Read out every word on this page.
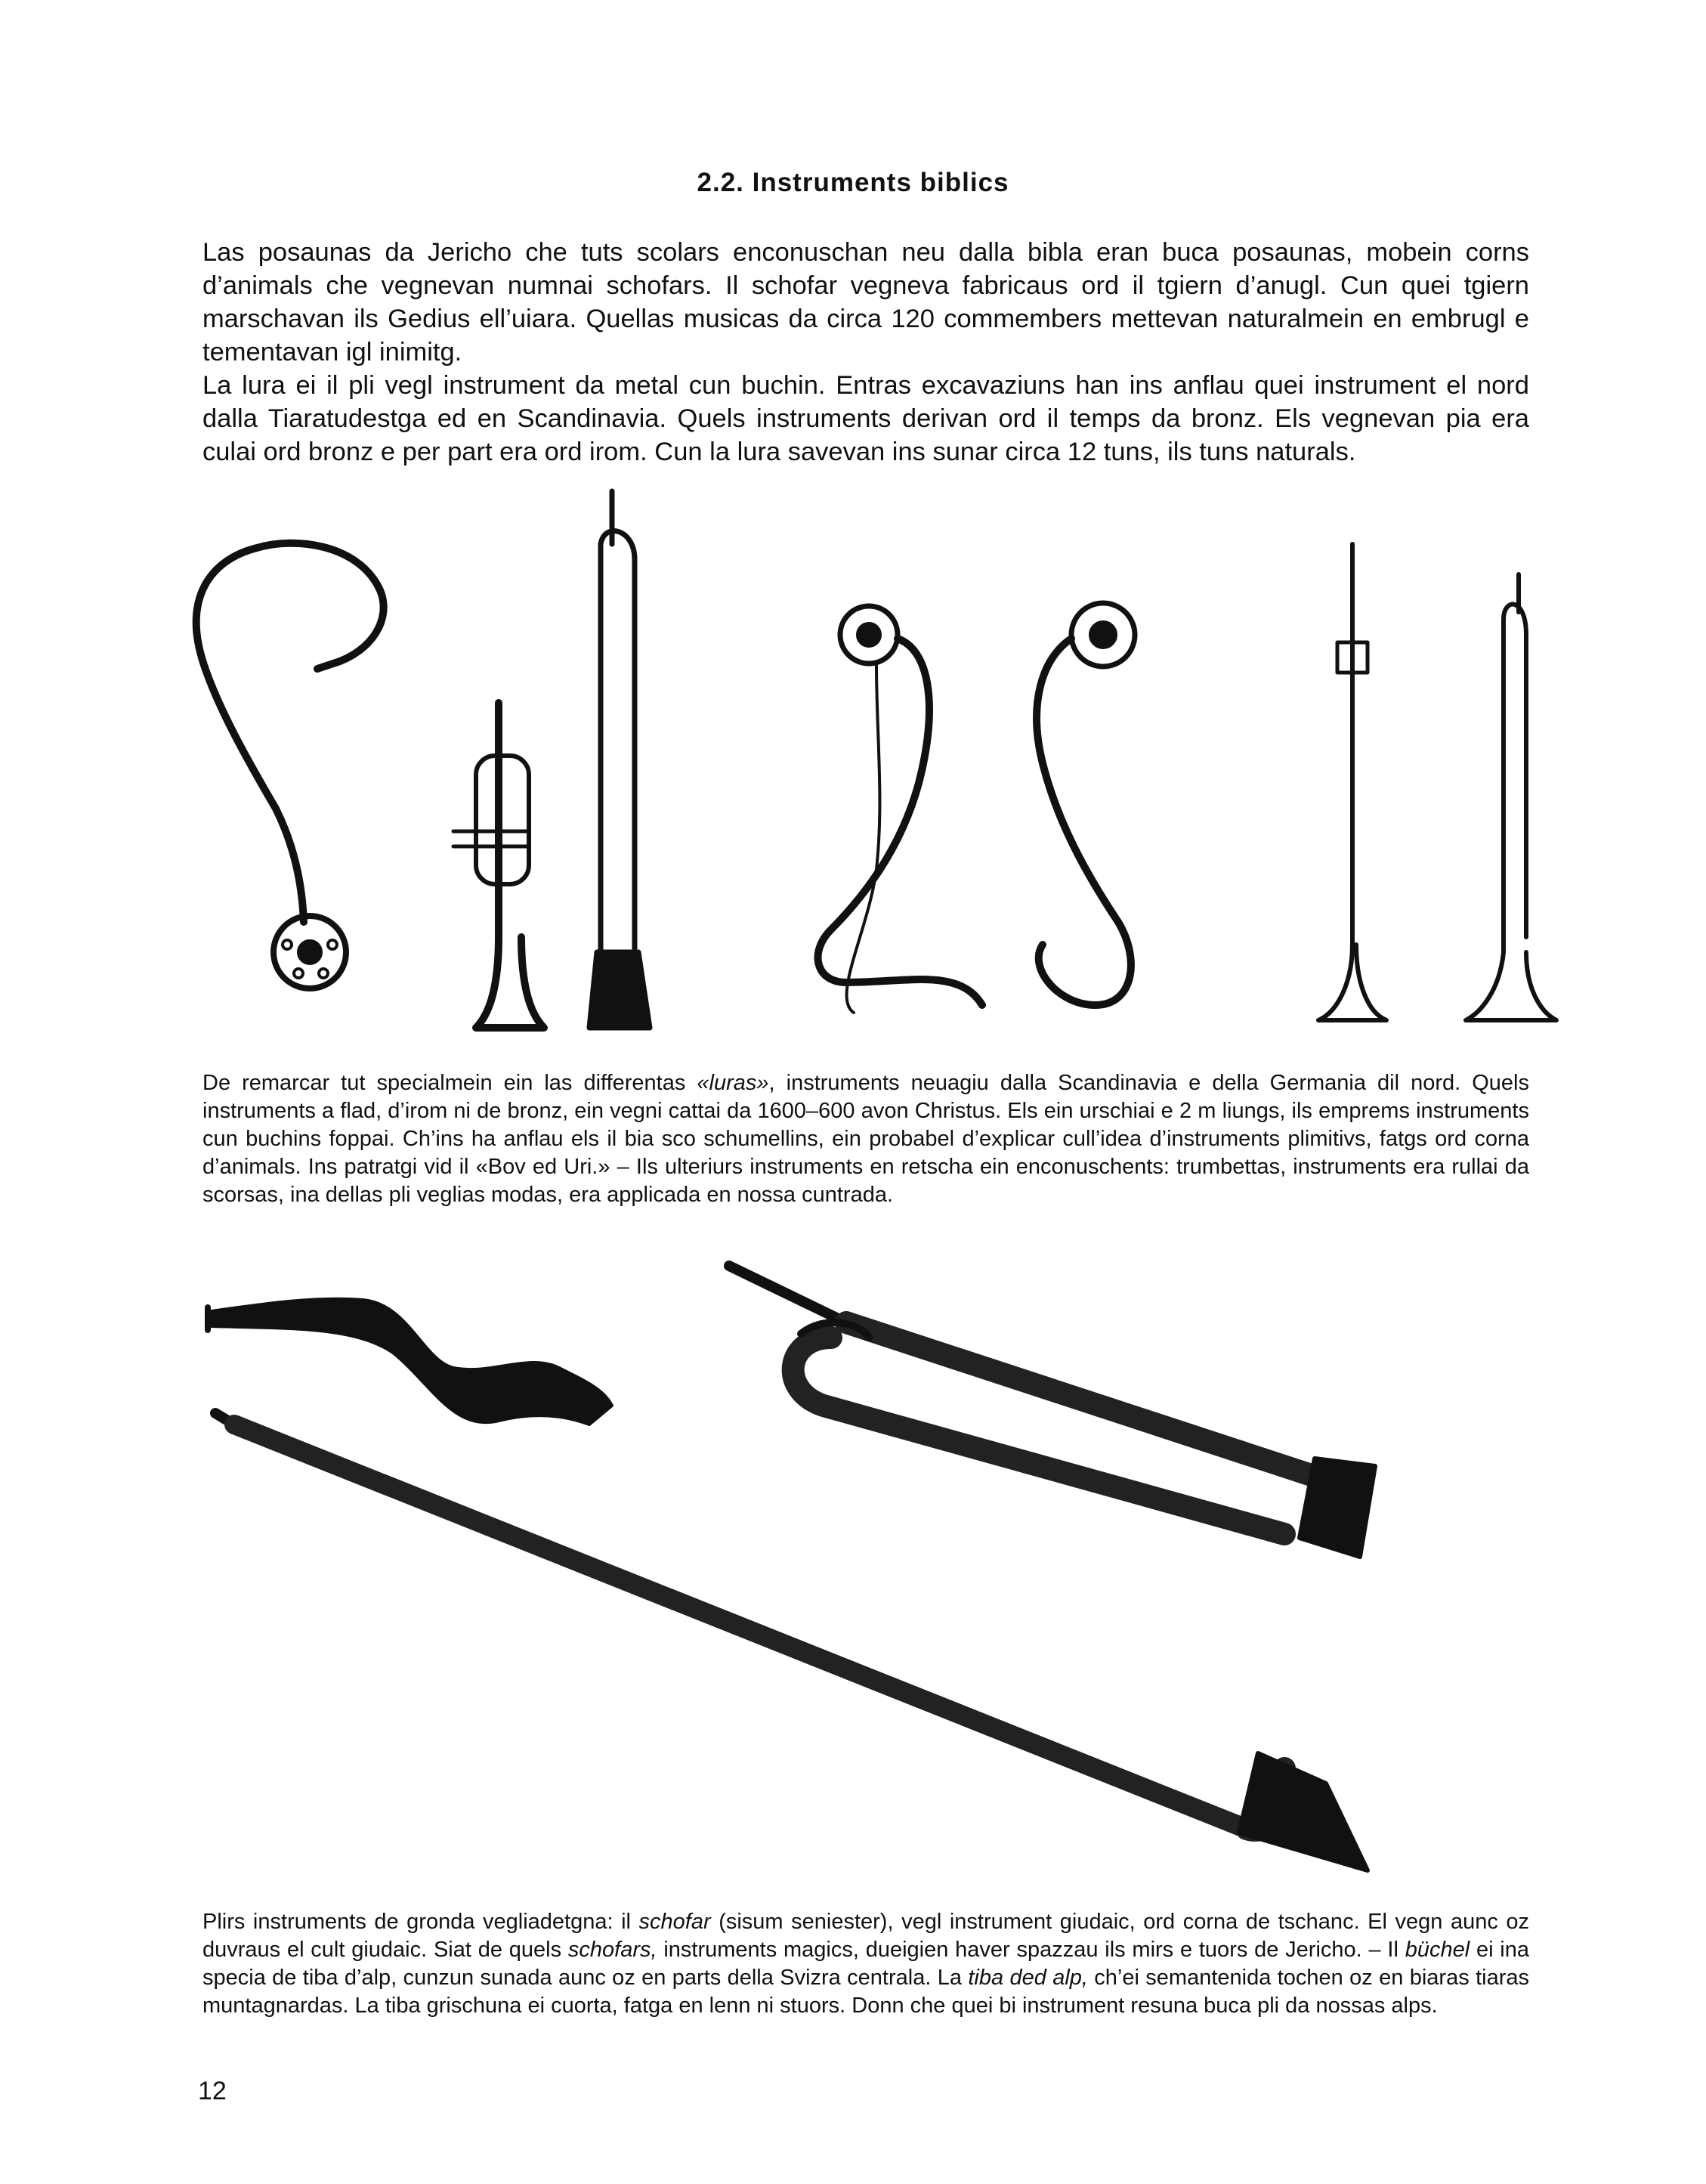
2.2. Instruments biblics
Las posaunas da Jericho che tuts scolars enconuschan neu dalla bibla eran buca posaunas, mobein corns d’animals che vegnevan numnai schofars. Il schofar vegneva fabricaus ord il tgiern d’anugl. Cun quei tgiern marschavan ils Gedius ell’uiara. Quellas musicas da circa 120 commembers mettevan naturalmein en embrugl e tementavan igl inimitg.
La lura ei il pli vegl instrument da metal cun buchin. Entras excavaziuns han ins anflau quei instrument el nord dalla Tiaratudestga ed en Scandinavia. Quels instruments derivan ord il temps da bronz. Els vegnevan pia era culai ord bronz e per part era ord irom. Cun la lura savevan ins sunar circa 12 tuns, ils tuns naturals.

De remarcar tut specialmein ein las differentas «luras», instruments neuagiu dalla Scandinavia e della Germania dil nord. Quels instruments a flad, d’irom ni de bronz, ein vegni cattai da 1600–600 avon Christus. Els ein urschiai e 2 m liungs, ils emprems instruments cun buchins foppai. Ch’ins ha anflau els il bia sco schumellins, ein probabel d’explicar cull’idea d’instruments plimitivs, fatgs ord corna d’animals. Ins patratgi vid il «Bov ed Uri.» – Ils ulteriurs instruments en retscha ein enconuschents: trumbettas, instruments era rullai da scorsas, ina dellas pli veglias modas, era applicada en nossa cuntrada.

Plirs instruments de gronda vegliadetgna: il schofar (sisum seniester), vegl instrument giudaic, ord corna de tschanc. El vegn aunc oz duvraus el cult giudaic. Siat de quels schofars, instruments magics, dueigien haver spazzau ils mirs e tuors de Jericho. – Il büchel ei ina specia de tiba d’alp, cunzun sunada aunc oz en parts della Svizra centrala. La tiba ded alp, ch’ei semantenida tochen oz en biaras tiaras muntagnardas. La tiba grischuna ei cuorta, fatga en lenn ni stuors. Donn che quei bi instrument resuna buca pli da nossas alps.

12
